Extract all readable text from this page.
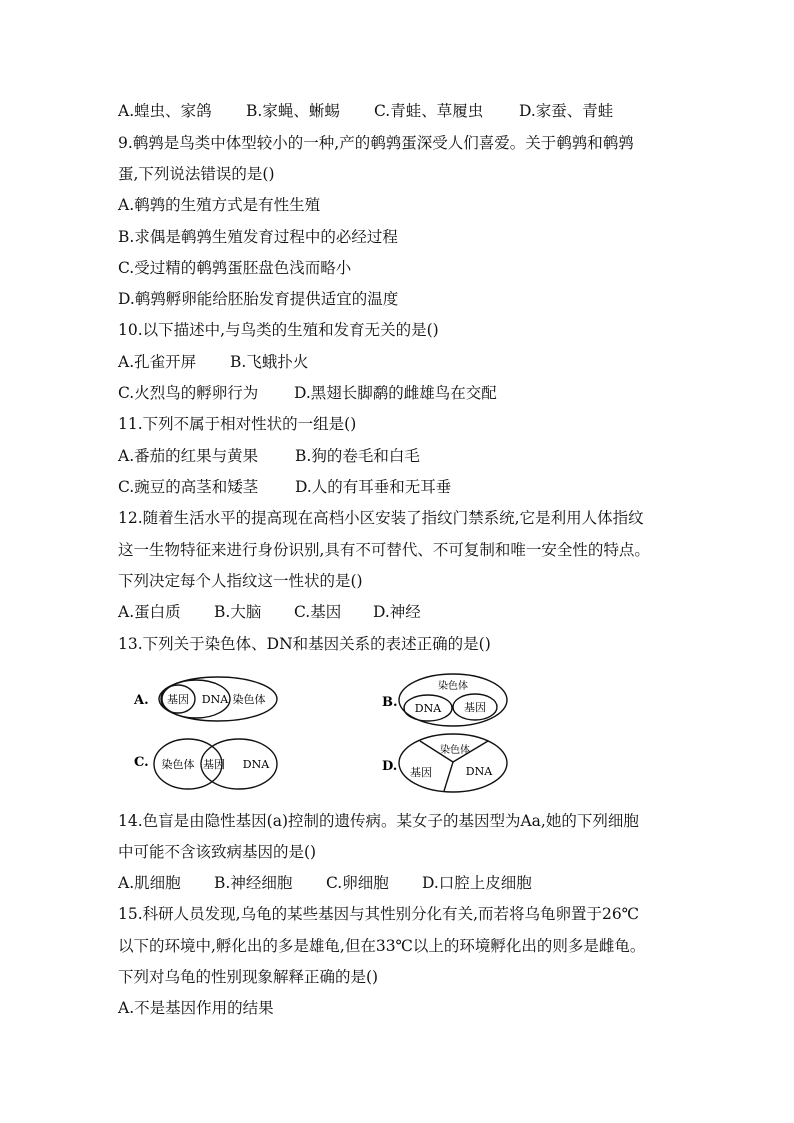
A.蝗虫、家鸽 B.家蝇、蜥蜴 C.青蛙、草履虫 D.家蚕、青蛙
9.鹌鹑是鸟类中体型较小的一种,产的鹌鹑蛋深受人们喜爱。关于鹌鹑和鹌鹑
蛋,下列说法错误的是()
A.鹌鹑的生殖方式是有性生殖
B.求偶是鹌鹑生殖发育过程中的必经过程
C.受过精的鹌鹑蛋胚盘色浅而略小
D.鹌鹑孵卵能给胚胎发育提供适宜的温度
10.以下描述中,与鸟类的生殖和发育无关的是()
A.孔雀开屏 B.飞蛾扑火
C.火烈鸟的孵卵行为 D.黑翅长脚鹬的雌雄鸟在交配
11.下列不属于相对性状的一组是()
A.番茄的红果与黄果 B.狗的卷毛和白毛
C.豌豆的高茎和矮茎 D.人的有耳垂和无耳垂
12.随着生活水平的提高现在高档小区安装了指纹门禁系统,它是利用人体指纹
这一生物特征来进行身份识别,具有不可替代、不可复制和唯一安全性的特点。
下列决定每个人指纹这一性状的是()
A.蛋白质 B.大脑 C.基因 D.神经
13.下列关于染色体、DN和基因关系的表述正确的是()
A. 基因 DNA 染色体	B.
染色体
DNA 基因
C. 染色体 基因 DNA	D.
染色体
基因	DNA
14.色盲是由隐性基因(a)控制的遗传病。某女子的基因型为Aa,她的下列细胞
中可能不含该致病基因的是()
A.肌细胞 B.神经细胞 C.卵细胞 D.口腔上皮细胞
15.科研人员发现,乌龟的某些基因与其性别分化有关,而若将乌龟卵置于26℃
以下的环境中,孵化出的多是雄龟,但在33℃以上的环境孵化出的则多是雌龟。
下列对乌龟的性别现象解释正确的是()
A.不是基因作用的结果
